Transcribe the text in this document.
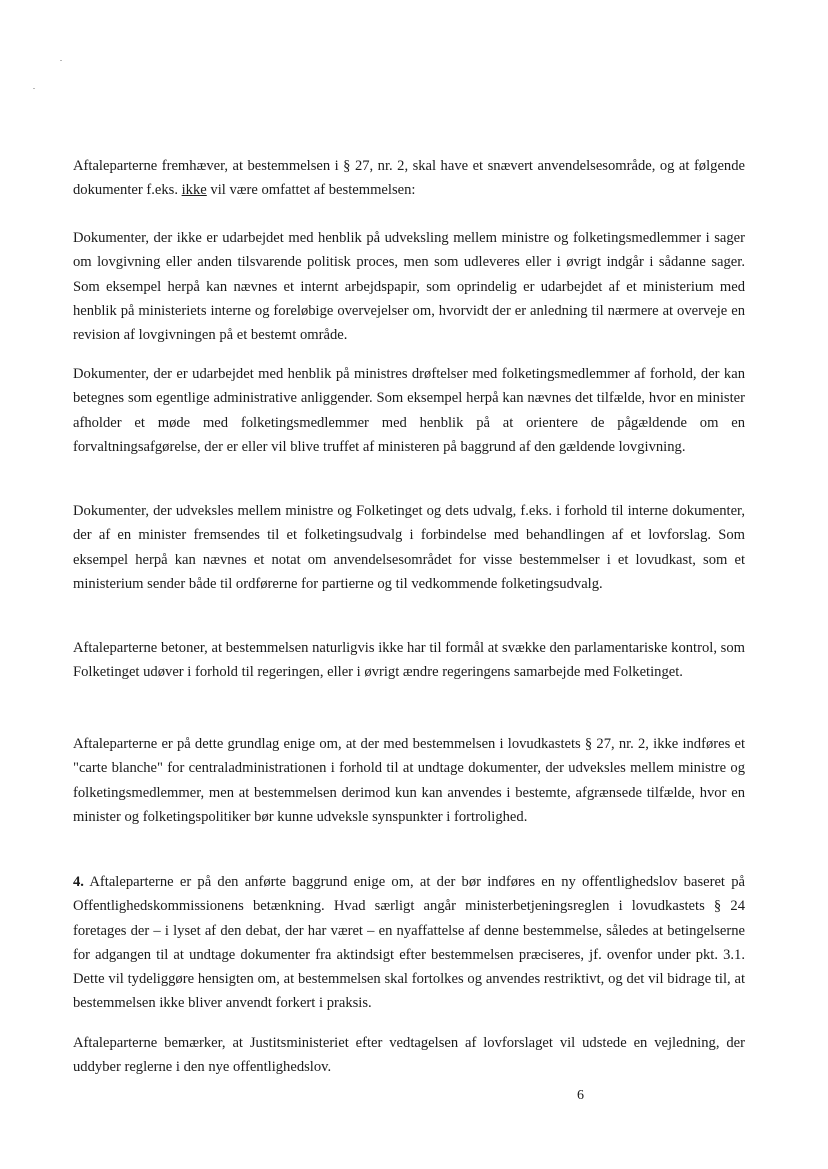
Aftaleparterne fremhæver, at bestemmelsen i § 27, nr. 2, skal have et snævert anvendelsesområde, og at følgende dokumenter f.eks. ikke vil være omfattet af bestemmelsen:

Dokumenter, der ikke er udarbejdet med henblik på udveksling mellem ministre og folketingsmedlemmer i sager om lovgivning eller anden tilsvarende politisk proces, men som udleveres eller i øvrigt indgår i sådanne sager. Som eksempel herpå kan nævnes et internt arbejdspapir, som oprindelig er udarbejdet af et ministerium med henblik på ministeriets interne og foreløbige overvejelser om, hvorvidt der er anledning til nærmere at overveje en revision af lovgivningen på et bestemt område.

Dokumenter, der er udarbejdet med henblik på ministres drøftelser med folketingsmedlemmer af forhold, der kan betegnes som egentlige administrative anliggender. Som eksempel herpå kan nævnes det tilfælde, hvor en minister afholder et møde med folketingsmedlemmer med henblik på at orientere de pågældende om en forvaltningsafgørelse, der er eller vil blive truffet af ministeren på baggrund af den gældende lovgivning.

Dokumenter, der udveksles mellem ministre og Folketinget og dets udvalg, f.eks. i forhold til interne dokumenter, der af en minister fremsendes til et folketingsudvalg i forbindelse med behandlingen af et lovforslag. Som eksempel herpå kan nævnes et notat om anvendelsesområdet for visse bestemmelser i et lovudkast, som et ministerium sender både til ordførerne for partierne og til vedkommende folketingsudvalg.

Aftaleparterne betoner, at bestemmelsen naturligvis ikke har til formål at svække den parlamentariske kontrol, som Folketinget udøver i forhold til regeringen, eller i øvrigt ændre regeringens samarbejde med Folketinget.

Aftaleparterne er på dette grundlag enige om, at der med bestemmelsen i lovudkastets § 27, nr. 2, ikke indføres et "carte blanche" for centraladministrationen i forhold til at undtage dokumenter, der udveksles mellem ministre og folketingsmedlemmer, men at bestemmelsen derimod kun kan anvendes i bestemte, afgrænsede tilfælde, hvor en minister og folketingspolitiker bør kunne udveksle synspunkter i fortrolighed.

4. Aftaleparterne er på den anførte baggrund enige om, at der bør indføres en ny offentlighedslov baseret på Offentlighedskommissionens betænkning. Hvad særligt angår ministerbetjeningsreglen i lovudkastets § 24 foretages der – i lyset af den debat, der har været – en nyaffattelse af denne bestemmelse, således at betingelserne for adgangen til at undtage dokumenter fra aktindsigt efter bestemmelsen præciseres, jf. ovenfor under pkt. 3.1. Dette vil tydeliggøre hensigten om, at bestemmelsen skal fortolkes og anvendes restriktivt, og det vil bidrage til, at bestemmelsen ikke bliver anvendt forkert i praksis.

Aftaleparterne bemærker, at Justitsministeriet efter vedtagelsen af lovforslaget vil udstede en vejledning, der uddyber reglerne i den nye offentlighedslov.

6
